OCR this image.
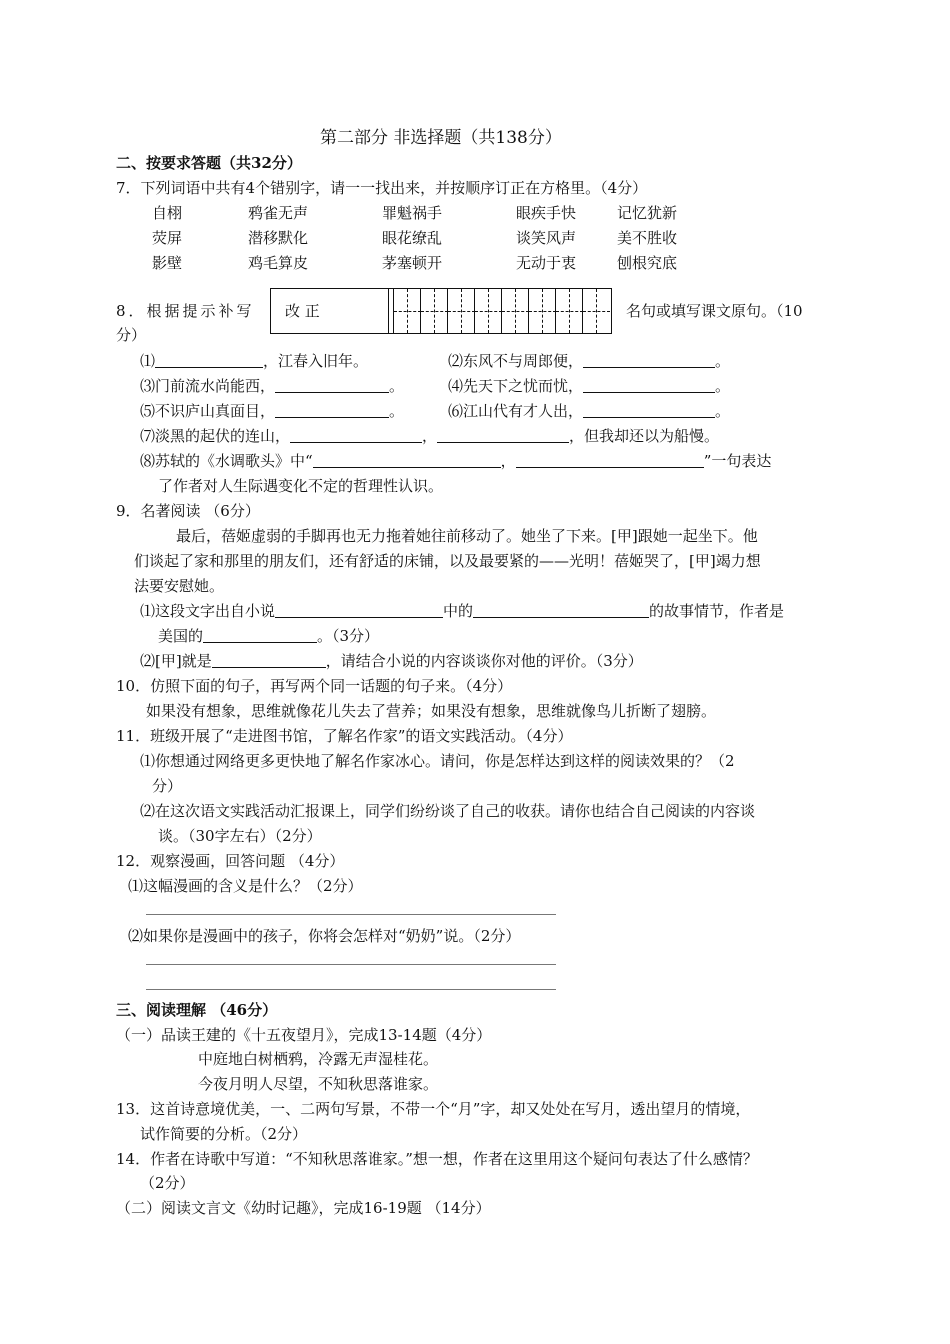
第二部分 非选择题（共138分）
二、按要求答题（共32分）
7．下列词语中共有4个错别字，请一一找出来，并按顺序订正在方格里。（4分）
自栩	鸦雀无声	罪魁祸手	眼疾手快	记忆犹新
荧屏	潜移默化	眼花缭乱	谈笑风声	美不胜收
影壁	鸡毛算皮	茅塞顿开	无动于衷	刨根究底
8．根据提示补写	改 正	名句或填写课文原句。（10
分）
⑴	，江春入旧年。	⑵东风不与周郎便，	。
⑶门前流水尚能西，	。	⑷先天下之忧而忧，	。
⑸不识庐山真面目，	。	⑹江山代有才人出，	。
⑺淡黑的起伏的连山，	，	，但我却还以为船慢。
⑻苏轼的《水调歌头》中“	，	”一句表达
了作者对人生际遇变化不定的哲理性认识。
9．名著阅读 （6分）
最后，蓓姬虚弱的手脚再也无力拖着她往前移动了。她坐了下来。[甲]跟她一起坐下。他
们谈起了家和那里的朋友们，还有舒适的床铺，以及最要紧的——光明！蓓姬哭了，[甲]竭力想
法要安慰她。
⑴这段文字出自小说	中的	的故事情节，作者是
美国的	。（3分）
⑵[甲]就是	，请结合小说的内容谈谈你对他的评价。（3分）
10．仿照下面的句子，再写两个同一话题的句子来。（4分）
如果没有想象，思维就像花儿失去了营养；如果没有想象，思维就像鸟儿折断了翅膀。
11．班级开展了“走进图书馆，了解名作家”的语文实践活动。（4分）
⑴你想通过网络更多更快地了解名作家冰心。请问，你是怎样达到这样的阅读效果的？（2
分）
⑵在这次语文实践活动汇报课上，同学们纷纷谈了自己的收获。请你也结合自己阅读的内容谈
谈。（30字左右）（2分）
12．观察漫画，回答问题 （4分）
⑴这幅漫画的含义是什么？（2分）
⑵如果你是漫画中的孩子，你将会怎样对“奶奶”说。（2分）
三、阅读理解 （46分）
（一）品读王建的《十五夜望月》，完成13-14题（4分）
中庭地白树栖鸦，冷露无声湿桂花。
今夜月明人尽望，不知秋思落谁家。
13．这首诗意境优美，一、二两句写景，不带一个“月”字，却又处处在写月，透出望月的情境，
试作简要的分析。（2分）
14．作者在诗歌中写道：“不知秋思落谁家。”想一想，作者在这里用这个疑问句表达了什么感情？
（2分）
（二）阅读文言文《幼时记趣》，完成16-19题 （14分）
